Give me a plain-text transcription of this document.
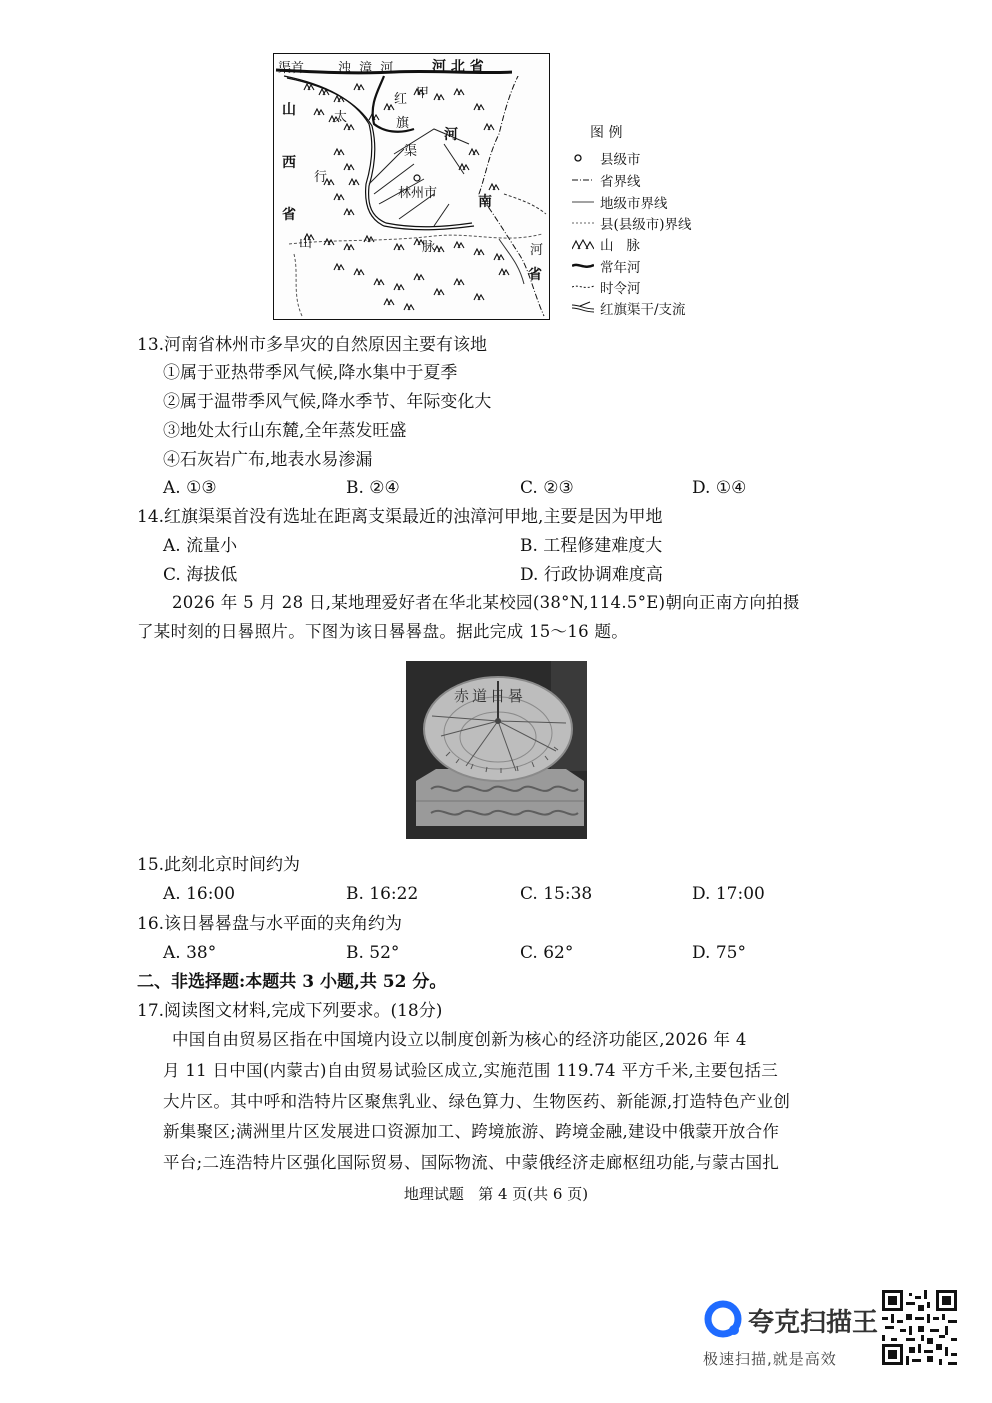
渠首	浊 漳 河	河 北 省
山
西
省
太
行
山
红 甲
旗
渠
林州市
河
南
河
省
脉
图 例
县级市
省界线
地级市界线
县(县级市)界线
山   脉
常年河
时令河
红旗渠干/支流
13.河南省林州市多旱灾的自然原因主要有该地
①属于亚热带季风气候,降水集中于夏季
②属于温带季风气候,降水季节、年际变化大
③地处太行山东麓,全年蒸发旺盛
④石灰岩广布,地表水易渗漏
A. ①③	B. ②④	C. ②③	D. ①④
14.红旗渠渠首没有选址在距离支渠最近的浊漳河甲地,主要是因为甲地
A. 流量小	B. 工程修建难度大
C. 海拔低	D. 行政协调难度高
2026 年 5 月 28 日,某地理爱好者在华北某校园(38°N,114.5°E)朝向正南方向拍摄
了某时刻的日晷照片。下图为该日晷晷盘。据此完成 15～16 题。
赤道日晷
15.此刻北京时间约为
A. 16:00	B. 16:22	C. 15:38	D. 17:00
16.该日晷晷盘与水平面的夹角约为
A. 38°	B. 52°	C. 62°	D. 75°
二、非选择题:本题共 3 小题,共 52 分。
17.阅读图文材料,完成下列要求。(18分)
中国自由贸易区指在中国境内设立以制度创新为核心的经济功能区,2026 年 4
月 11 日中国(内蒙古)自由贸易试验区成立,实施范围 119.74 平方千米,主要包括三
大片区。其中呼和浩特片区聚焦乳业、绿色算力、生物医药、新能源,打造特色产业创
新集聚区;满洲里片区发展进口资源加工、跨境旅游、跨境金融,建设中俄蒙开放合作
平台;二连浩特片区强化国际贸易、国际物流、中蒙俄经济走廊枢纽功能,与蒙古国扎
地理试题   第 4 页(共 6 页)
夸克扫描王
极速扫描,就是高效
